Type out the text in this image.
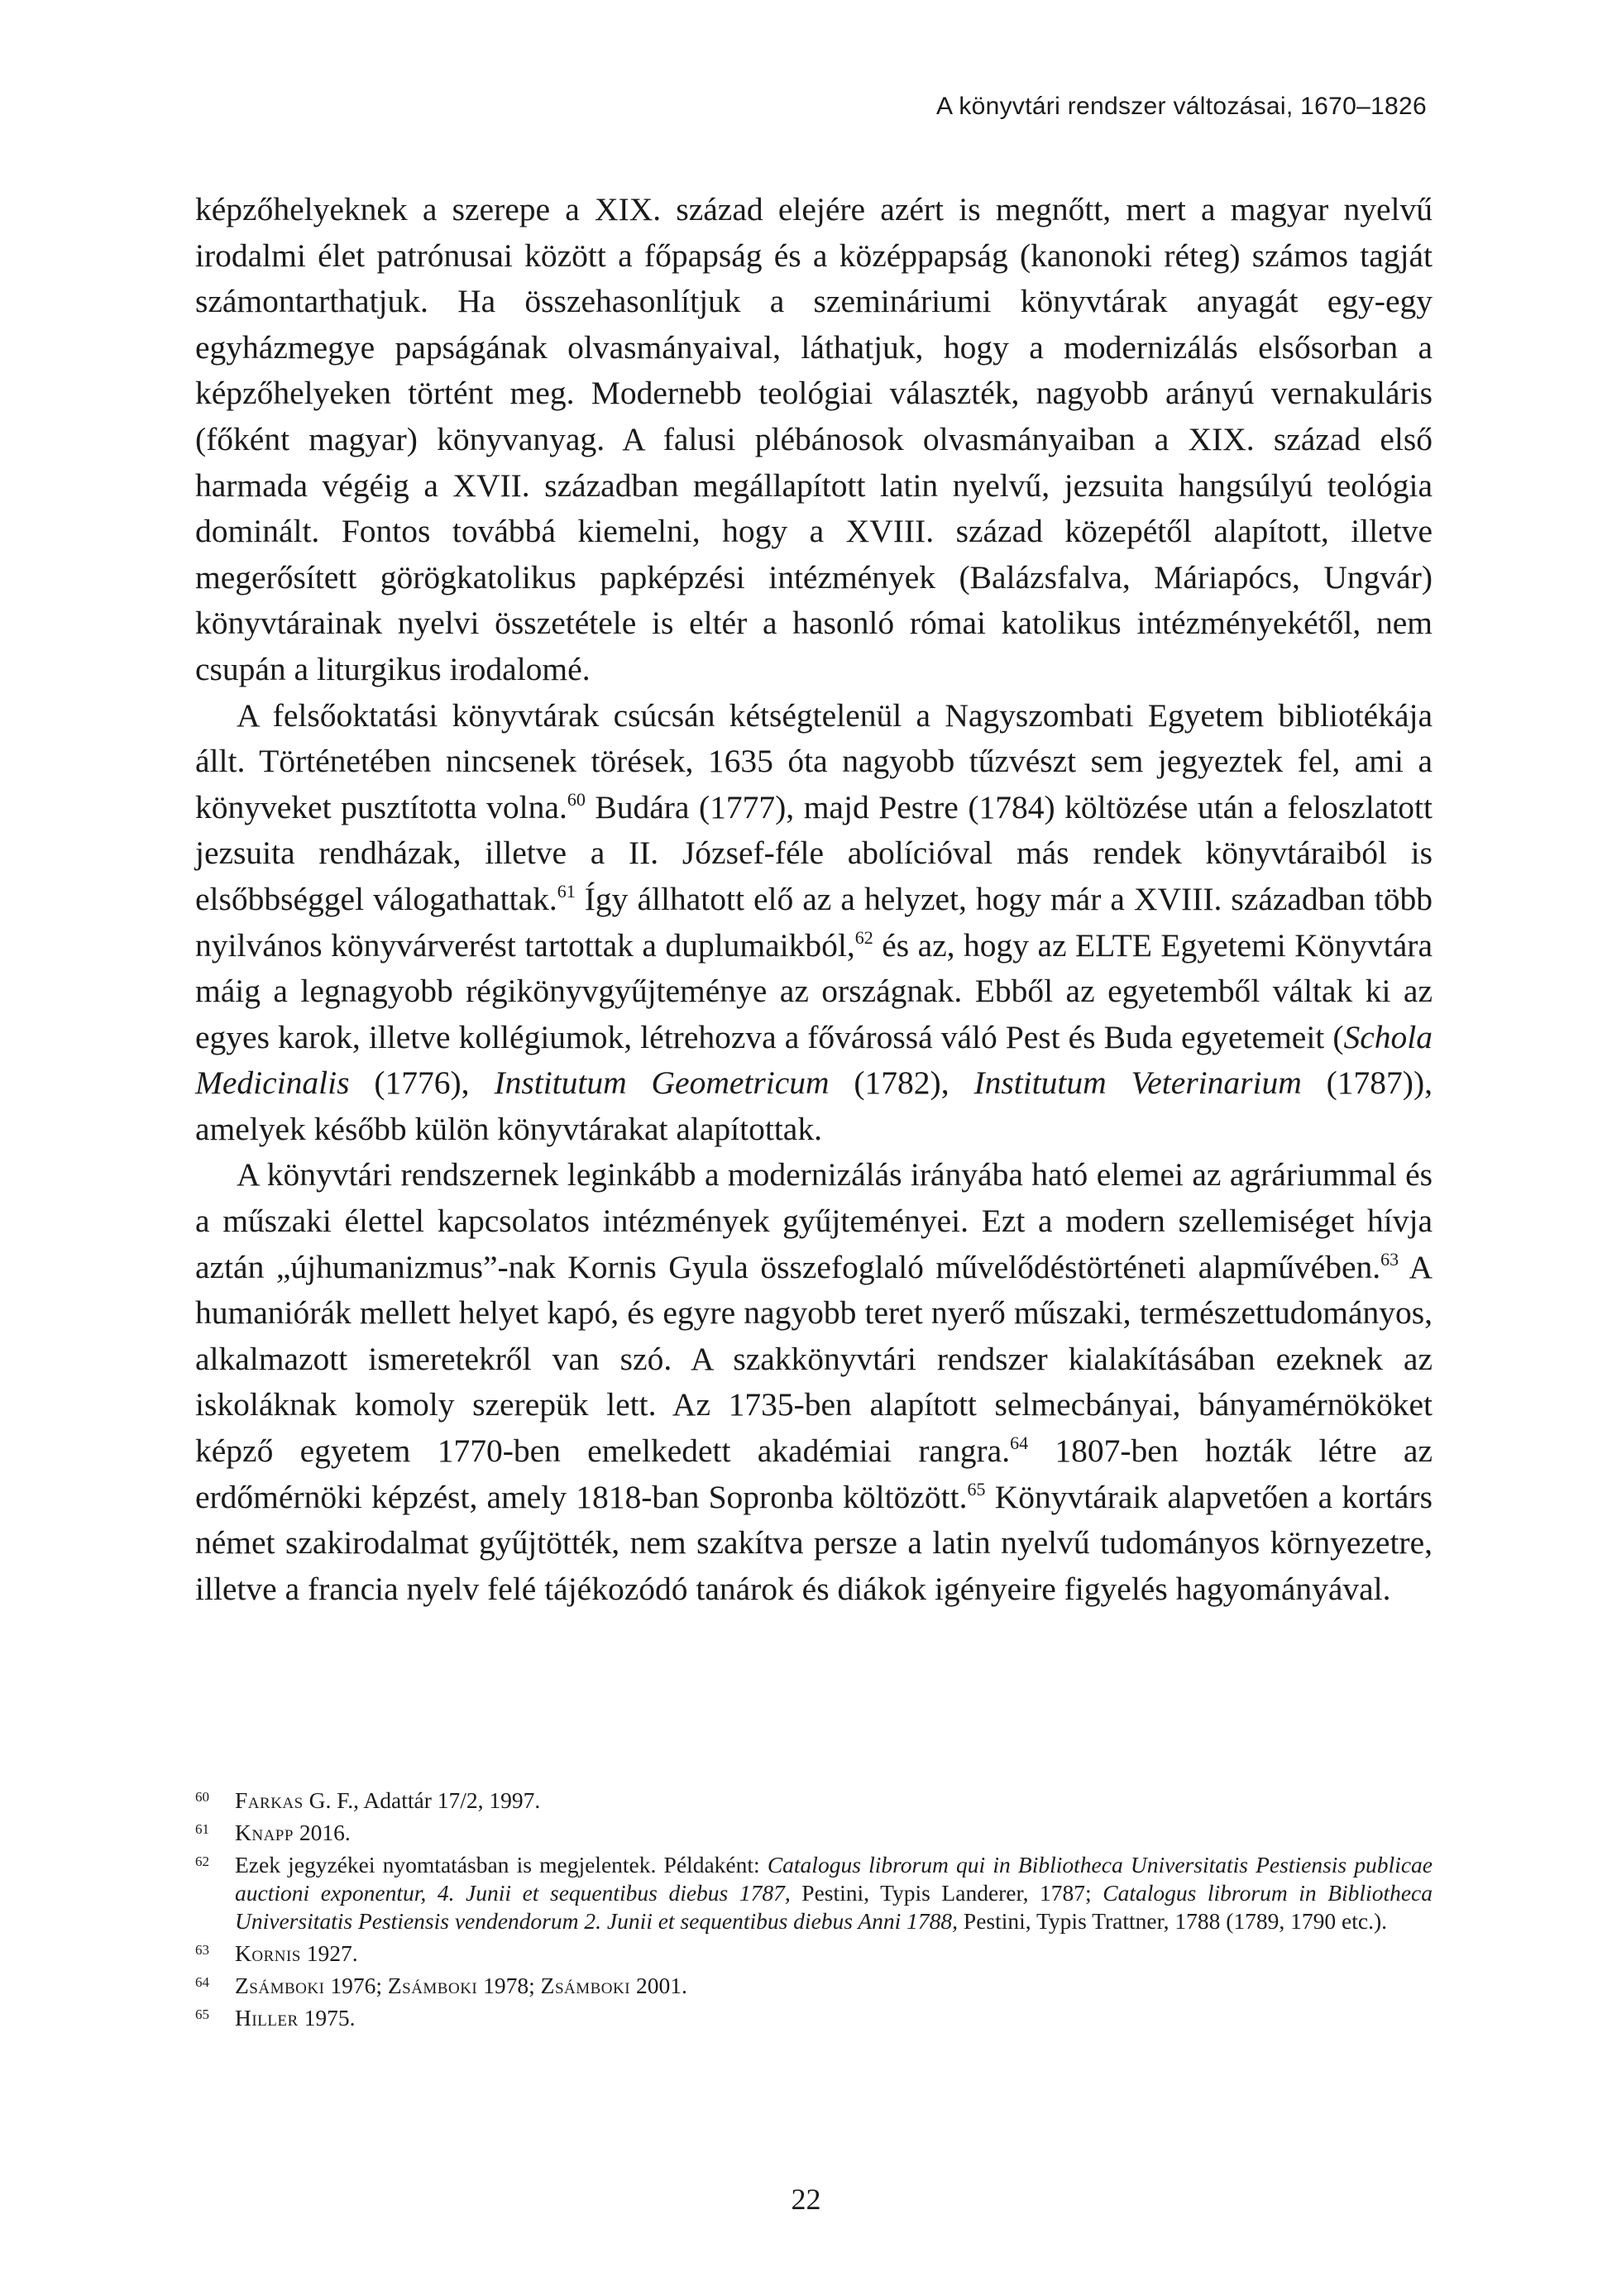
A könyvtári rendszer változásai, 1670–1826

képzőhelyeknek a szerepe a XIX. század elejére azért is megnőtt, mert a magyar nyelvű irodalmi élet patrónusai között a főpapság és a középpapság (kanonoki réteg) számos tagját számontarthatjuk. Ha összehasonlítjuk a szemináriumi könyvtárak anyagát egy-egy egyházmegye papságának olvasmányaival, láthatjuk, hogy a modernizálás elsősorban a képzőhelyeken történt meg. Modernebb teológiai választék, nagyobb arányú vernakuláris (főként magyar) könyvanyag. A falusi plébánosok olvasmányaiban a XIX. század első harmada végéig a XVII. században megállapított latin nyelvű, jezsuita hangsúlyú teológia dominált. Fontos továbbá kiemelni, hogy a XVIII. század közepétől alapított, illetve megerősített görögkatolikus papképzési intézmények (Balázsfalva, Máriapócs, Ungvár) könyvtárainak nyelvi összetétele is eltér a hasonló római katolikus intézményekétől, nem csupán a liturgikus irodalomé.

A felsőoktatási könyvtárak csúcsán kétségtelenül a Nagyszombati Egyetem bibliotékája állt. Történetében nincsenek törések, 1635 óta nagyobb tűzvészt sem jegyeztek fel, ami a könyveket pusztította volna.$^{60}$ Budára (1777), majd Pestre (1784) költözése után a feloszlatott jezsuita rendházak, illetve a II. József-féle abolícióval más rendek könyvtáraiból is elsőbbséggel válogathattak.$^{61}$ Így állhatott elő az a helyzet, hogy már a XVIII. században több nyilvános könyvárverést tartottak a duplumaikból,$^{62}$ és az, hogy az ELTE Egyetemi Könyvtára máig a legnagyobb régikönyvgyűjteménye az országnak. Ebből az egyetemből váltak ki az egyes karok, illetve kollégiumok, létrehozva a fővárossá váló Pest és Buda egyetemeit (Schola Medicinalis (1776), Institutum Geometricum (1782), Institutum Veterinarium (1787)), amelyek később külön könyvtárakat alapítottak.

A könyvtári rendszernek leginkább a modernizálás irányába ható elemei az agráriummal és a műszaki élettel kapcsolatos intézmények gyűjteményei. Ezt a modern szellemiséget hívja aztán „újhumanizmus”-nak Kornis Gyula összefoglaló művelődéstörténeti alapművében.$^{63}$ A humaniórák mellett helyet kapó, és egyre nagyobb teret nyerő műszaki, természettudományos, alkalmazott ismeretekről van szó. A szakkönyvtári rendszer kialakításában ezeknek az iskoláknak komoly szerepük lett. Az 1735-ben alapított selmecbányai, bányamérnököket képző egyetem 1770-ben emelkedett akadémiai rangra.$^{64}$ 1807-ben hozták létre az erdőmérnöki képzést, amely 1818-ban Sopronba költözött.$^{65}$ Könyvtáraik alapvetően a kortárs német szakirodalmat gyűjtötték, nem szakítva persze a latin nyelvű tudományos környezetre, illetve a francia nyelv felé tájékozódó tanárok és diákok igényeire figyelés hagyományával.

60	Farkas G. F., Adattár 17/2, 1997.
61	Knapp 2016.
62	Ezek jegyzékei nyomtatásban is megjelentek. Példaként: Catalogus librorum qui in Bibliotheca Universitatis Pestiensis publicae auctioni exponentur, 4. Junii et sequentibus diebus 1787, Pestini, Typis Landerer, 1787; Catalogus librorum in Bibliotheca Universitatis Pestiensis vendendorum 2. Junii et sequentibus diebus Anni 1788, Pestini, Typis Trattner, 1788 (1789, 1790 etc.).
63	Kornis 1927.
64	Zsámboki 1976; Zsámboki 1978; Zsámboki 2001.
65	Hiller 1975.
22
